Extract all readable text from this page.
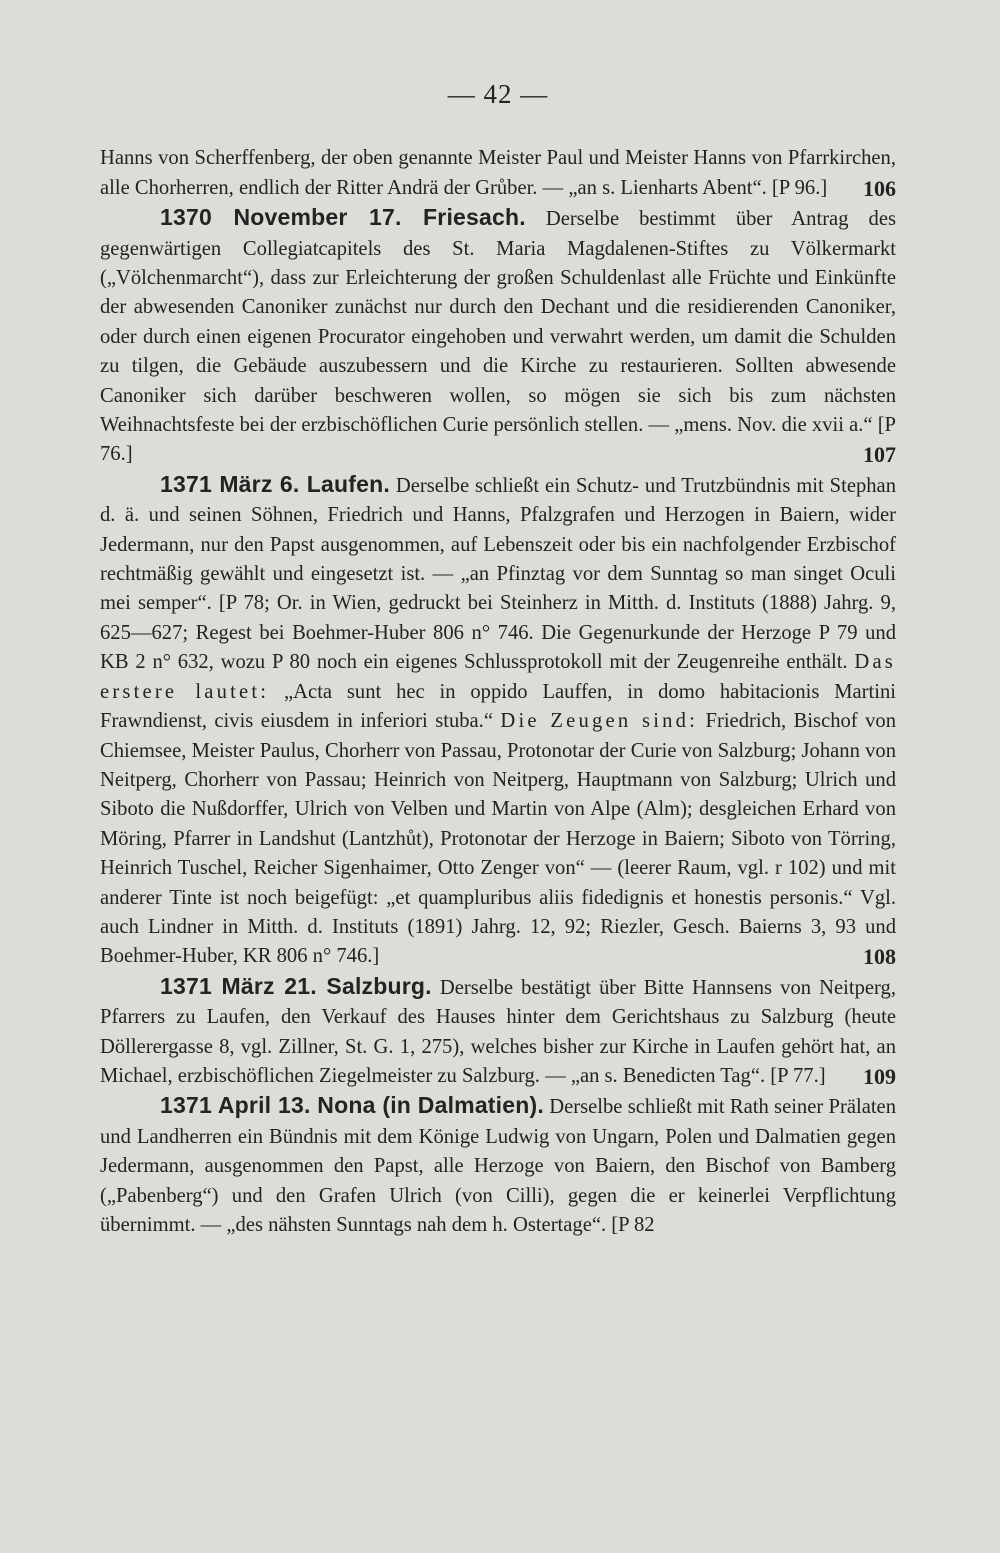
— 42 —

Hanns von Scherffenberg, der oben genannte Meister Paul und Meister Hanns von Pfarrkirchen, alle Chorherren, endlich der Ritter Andrä der Grůber. — „an s. Lienharts Abent“. [P 96.] 106

1370 November 17. Friesach. Derselbe bestimmt über Antrag des gegenwärtigen Collegiatcapitels des St. Maria Magdalenen-Stiftes zu Völkermarkt („Völchenmarcht“), dass zur Erleichterung der großen Schuldenlast alle Früchte und Einkünfte der abwesenden Canoniker zunächst nur durch den Dechant und die residierenden Canoniker, oder durch einen eigenen Procurator eingehoben und verwahrt werden, um damit die Schulden zu tilgen, die Gebäude auszubessern und die Kirche zu restaurieren. Sollten abwesende Canoniker sich darüber beschweren wollen, so mögen sie sich bis zum nächsten Weihnachtsfeste bei der erzbischöflichen Curie persönlich stellen. — „mens. Nov. die xvii a.“ [P 76.]	107

1371 März 6. Laufen. Derselbe schließt ein Schutz- und Trutzbündnis mit Stephan d. ä. und seinen Söhnen, Friedrich und Hanns, Pfalzgrafen und Herzogen in Baiern, wider Jedermann, nur den Papst ausgenommen, auf Lebenszeit oder bis ein nachfolgender Erzbischof rechtmäßig gewählt und eingesetzt ist. — „an Pfinztag vor dem Sunntag so man singet Oculi mei semper“. [P 78; Or. in Wien, gedruckt bei Steinherz in Mitth. d. Instituts (1888) Jahrg. 9, 625—627; Regest bei Boehmer-Huber 806 n° 746. Die Gegenurkunde der Herzoge P 79 und KB 2 n° 632, wozu P 80 noch ein eigenes Schlussprotokoll mit der Zeugenreihe enthält. Das erstere lautet: „Acta sunt hec in oppido Lauffen, in domo habitacionis Martini Frawndienst, civis eiusdem in inferiori stuba.“ Die Zeugen sind: Friedrich, Bischof von Chiemsee, Meister Paulus, Chorherr von Passau, Protonotar der Curie von Salzburg; Johann von Neitperg, Chorherr von Passau; Heinrich von Neitperg, Hauptmann von Salzburg; Ulrich und Siboto die Nußdorffer, Ulrich von Velben und Martin von Alpe (Alm); desgleichen Erhard von Möring, Pfarrer in Landshut (Lantzhůt), Protonotar der Herzoge in Baiern; Siboto von Törring, Heinrich Tuschel, Reicher Sigenhaimer, Otto Zenger von“ — (leerer Raum, vgl. r 102) und mit anderer Tinte ist noch beigefügt: „et quampluribus aliis fidedignis et honestis personis.“ Vgl. auch Lindner in Mitth. d. Instituts (1891) Jahrg. 12, 92; Riezler, Gesch. Baierns 3, 93 und Boehmer-Huber, KR 806 n° 746.]	108

1371 März 21. Salzburg. Derselbe bestätigt über Bitte Hannsens von Neitperg, Pfarrers zu Laufen, den Verkauf des Hauses hinter dem Gerichtshaus zu Salzburg (heute Döllerergasse 8, vgl. Zillner, St. G. 1, 275), welches bisher zur Kirche in Laufen gehört hat, an Michael, erzbischöflichen Ziegelmeister zu Salzburg. — „an s. Benedicten Tag“. [P 77.] 109

1371 April 13. Nona (in Dalmatien). Derselbe schließt mit Rath seiner Prälaten und Landherren ein Bündnis mit dem Könige Ludwig von Ungarn, Polen und Dalmatien gegen Jedermann, ausgenommen den Papst, alle Herzoge von Baiern, den Bischof von Bamberg („Pabenberg“) und den Grafen Ulrich (von Cilli), gegen die er keinerlei Verpflichtung übernimmt. — „des nähsten Sunntags nah dem h. Ostertage“. [P 82
